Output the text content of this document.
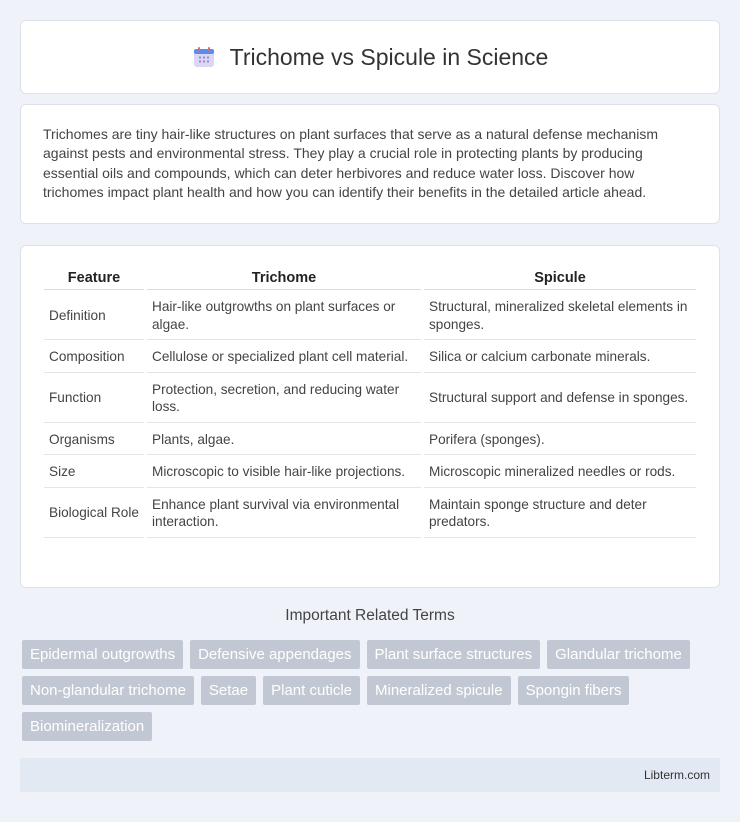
Trichome vs Spicule in Science

Trichomes are tiny hair-like structures on plant surfaces that serve as a natural defense mechanism against pests and environmental stress. They play a crucial role in protecting plants by producing essential oils and compounds, which can deter herbivores and reduce water loss. Discover how trichomes impact plant health and how you can identify their benefits in the detailed article ahead.

Feature	Trichome	Spicule
Definition	Hair-like outgrowths on plant surfaces or algae.	Structural, mineralized skeletal elements in sponges.
Composition	Cellulose or specialized plant cell material.	Silica or calcium carbonate minerals.
Function	Protection, secretion, and reducing water loss.	Structural support and defense in sponges.
Organisms	Plants, algae.	Porifera (sponges).
Size	Microscopic to visible hair-like projections.	Microscopic mineralized needles or rods.
Biological Role	Enhance plant survival via environmental interaction.	Maintain sponge structure and deter predators.
Important Related Terms
Epidermal outgrowths	Defensive appendages	Plant surface structures	Glandular trichome
Non-glandular trichome	Setae	Plant cuticle	Mineralized spicule	Spongin fibers
Biomineralization
Libterm.com
